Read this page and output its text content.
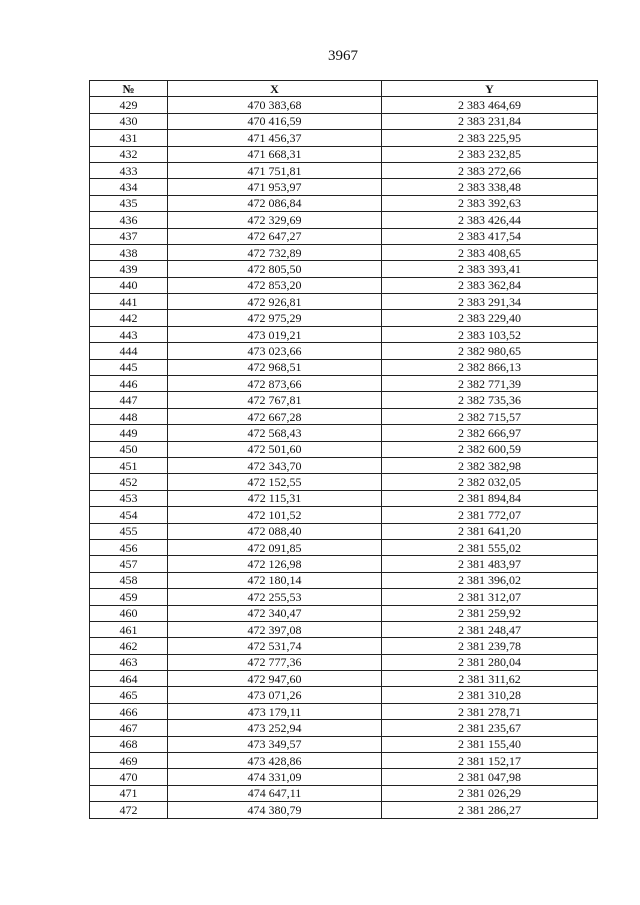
3967
№	X	Y
429	470 383,68	2 383 464,69
430	470 416,59	2 383 231,84
431	471 456,37	2 383 225,95
432	471 668,31	2 383 232,85
433	471 751,81	2 383 272,66
434	471 953,97	2 383 338,48
435	472 086,84	2 383 392,63
436	472 329,69	2 383 426,44
437	472 647,27	2 383 417,54
438	472 732,89	2 383 408,65
439	472 805,50	2 383 393,41
440	472 853,20	2 383 362,84
441	472 926,81	2 383 291,34
442	472 975,29	2 383 229,40
443	473 019,21	2 383 103,52
444	473 023,66	2 382 980,65
445	472 968,51	2 382 866,13
446	472 873,66	2 382 771,39
447	472 767,81	2 382 735,36
448	472 667,28	2 382 715,57
449	472 568,43	2 382 666,97
450	472 501,60	2 382 600,59
451	472 343,70	2 382 382,98
452	472 152,55	2 382 032,05
453	472 115,31	2 381 894,84
454	472 101,52	2 381 772,07
455	472 088,40	2 381 641,20
456	472 091,85	2 381 555,02
457	472 126,98	2 381 483,97
458	472 180,14	2 381 396,02
459	472 255,53	2 381 312,07
460	472 340,47	2 381 259,92
461	472 397,08	2 381 248,47
462	472 531,74	2 381 239,78
463	472 777,36	2 381 280,04
464	472 947,60	2 381 311,62
465	473 071,26	2 381 310,28
466	473 179,11	2 381 278,71
467	473 252,94	2 381 235,67
468	473 349,57	2 381 155,40
469	473 428,86	2 381 152,17
470	474 331,09	2 381 047,98
471	474 647,11	2 381 026,29
472	474 380,79	2 381 286,27
